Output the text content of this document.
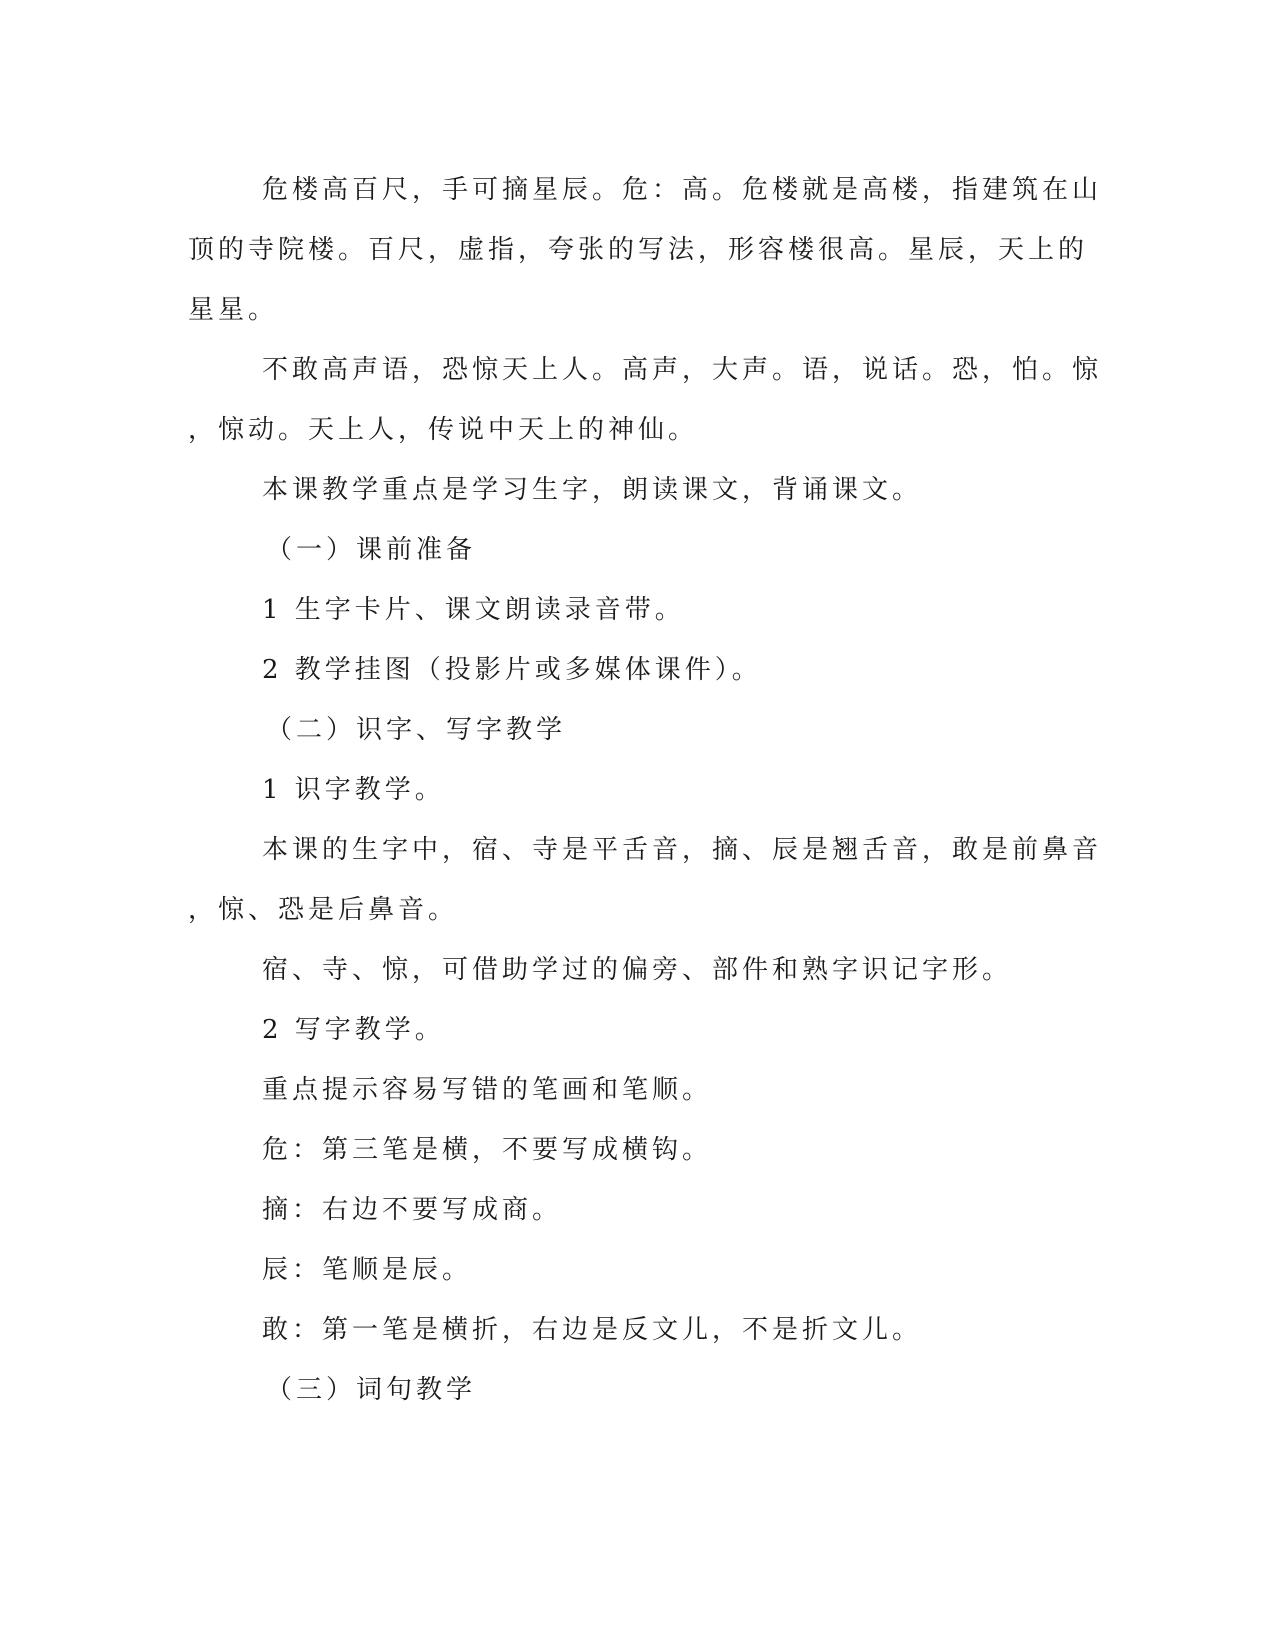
危楼高百尺，手可摘星辰。危：高。危楼就是高楼，指建筑在山

顶的寺院楼。百尺，虚指，夸张的写法，形容楼很高。星辰，天上的

星星。

不敢高声语，恐惊天上人。高声，大声。语，说话。恐，怕。惊

，惊动。天上人，传说中天上的神仙。

本课教学重点是学习生字，朗读课文，背诵课文。

（一）课前准备

1 生字卡片、课文朗读录音带。

2 教学挂图（投影片或多媒体课件）。

（二）识字、写字教学

1 识字教学。

本课的生字中，宿、寺是平舌音，摘、辰是翘舌音，敢是前鼻音

，惊、恐是后鼻音。

宿、寺、惊，可借助学过的偏旁、部件和熟字识记字形。

2 写字教学。

重点提示容易写错的笔画和笔顺。

危：第三笔是横，不要写成横钩。

摘：右边不要写成商。

辰：笔顺是辰。

敢：第一笔是横折，右边是反文儿，不是折文儿。

（三）词句教学
